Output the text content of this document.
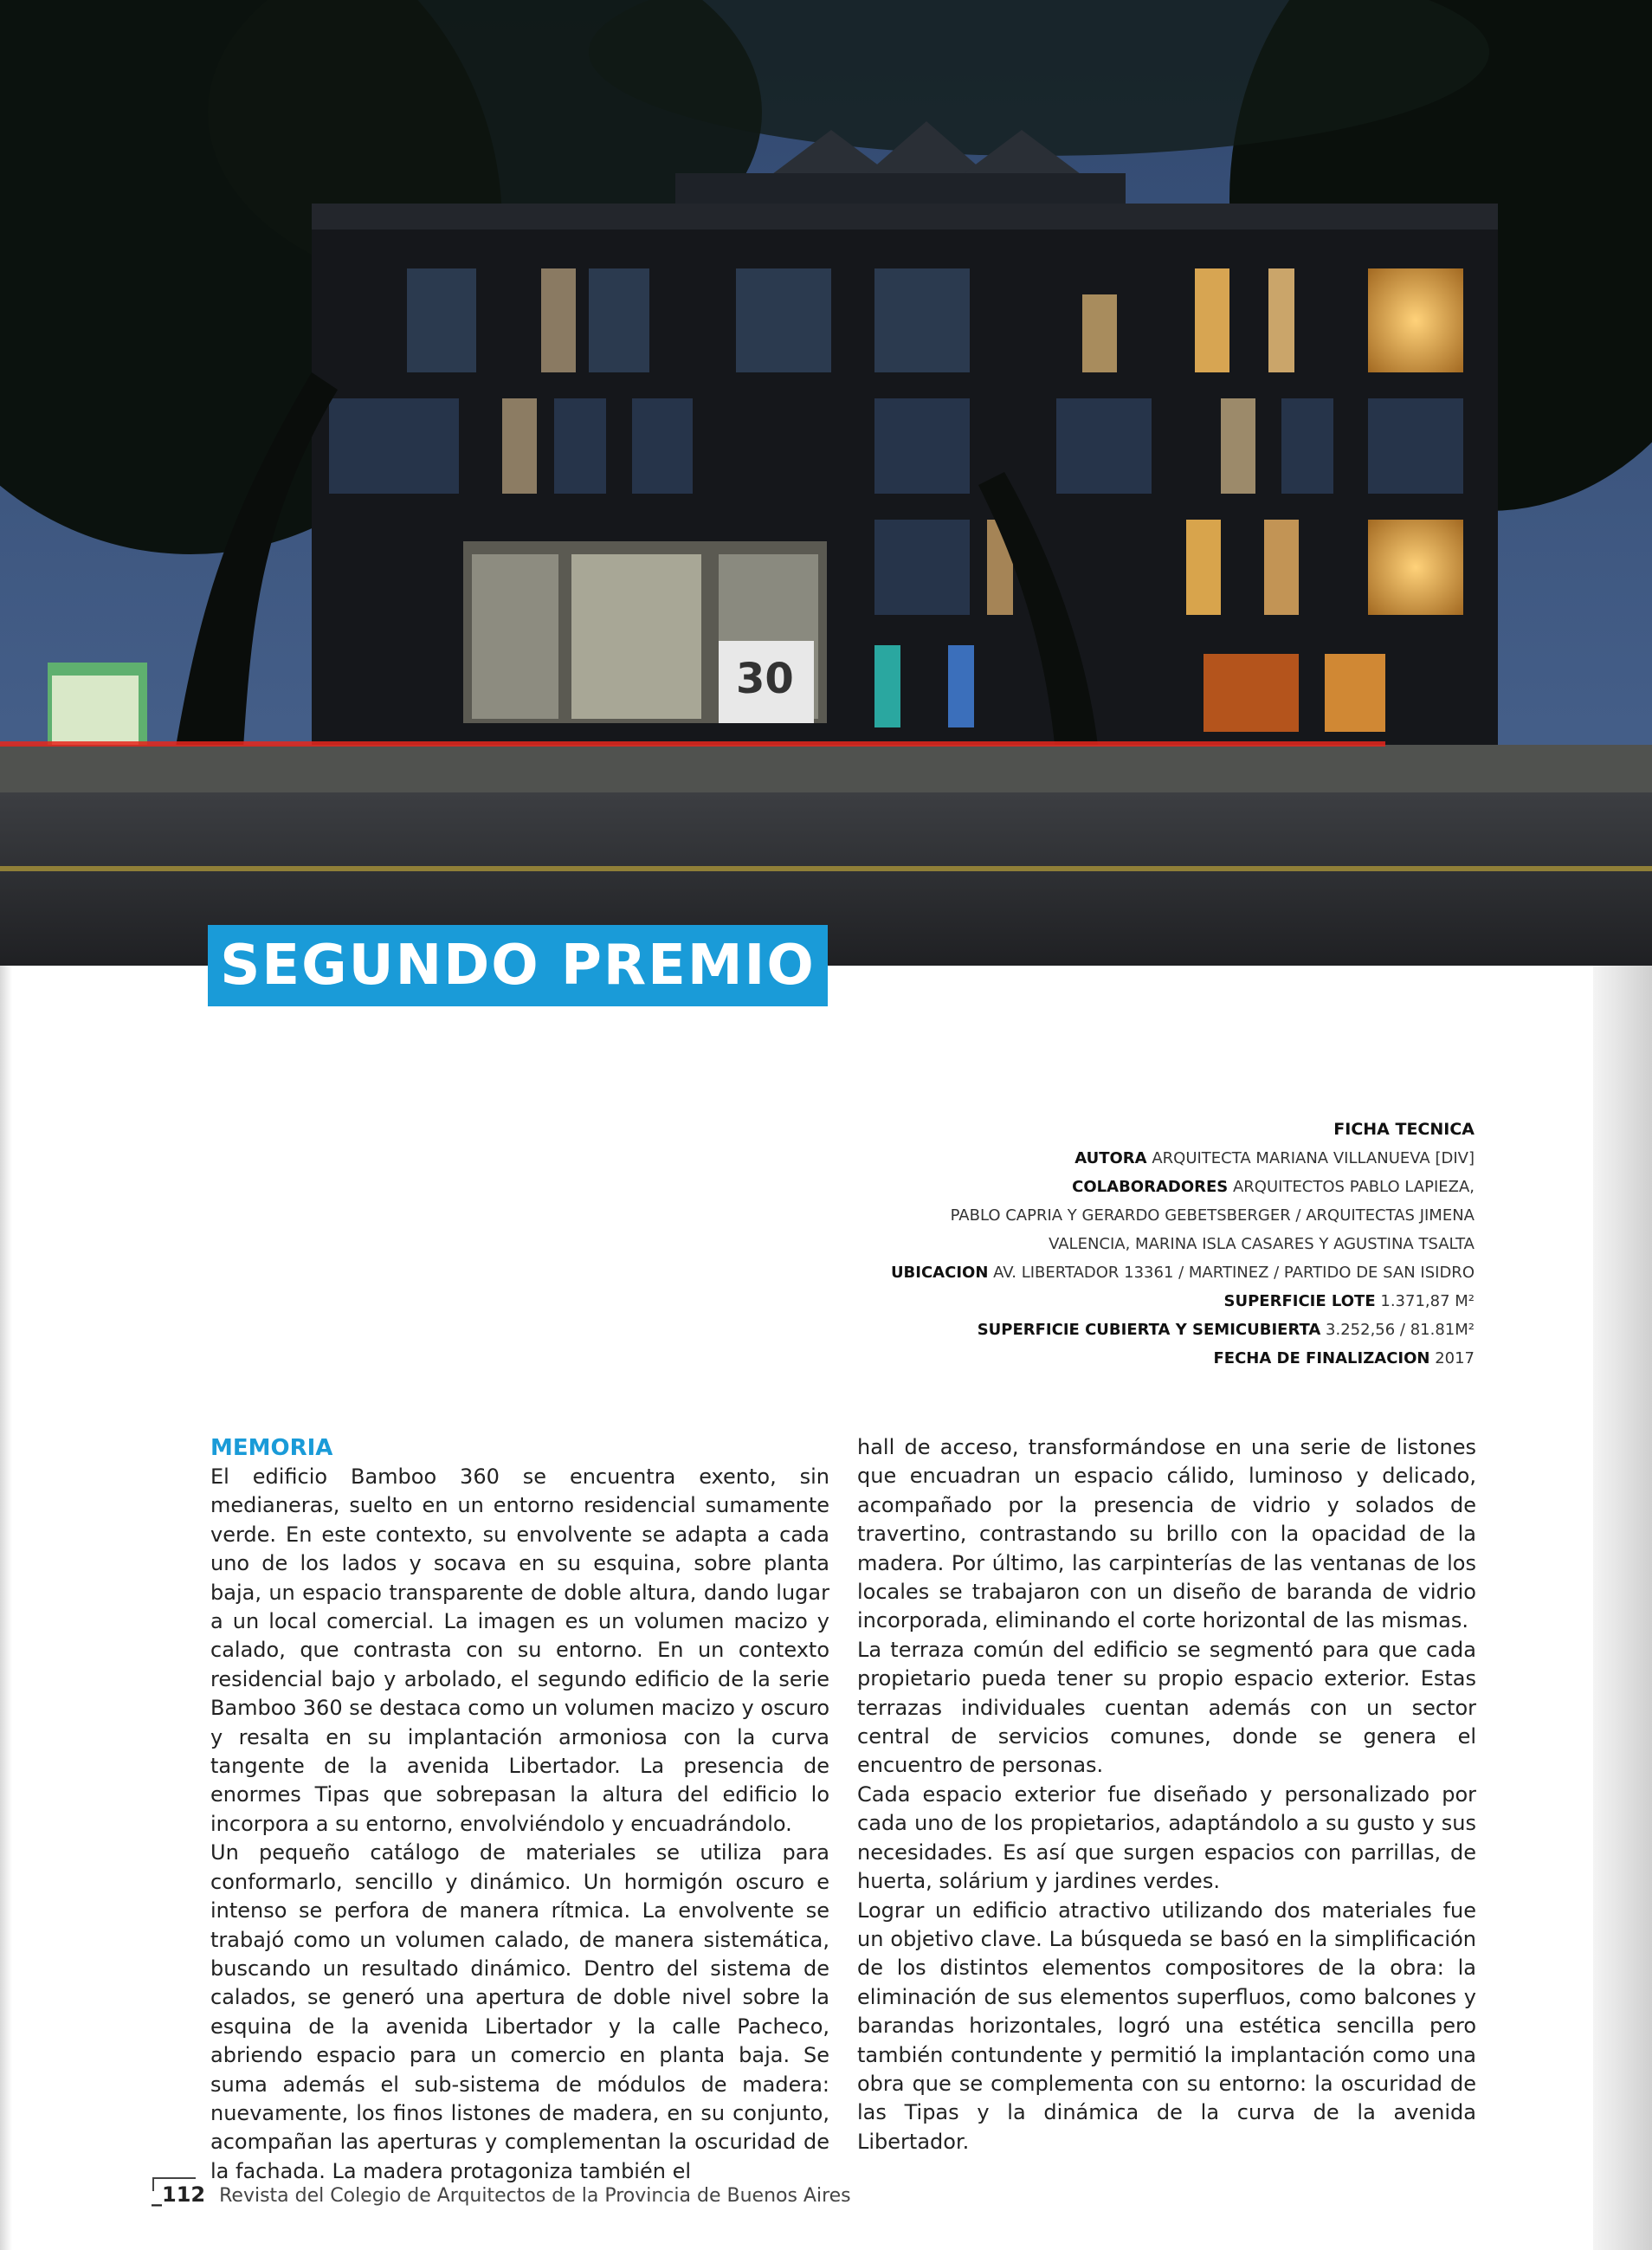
30
SEGUNDO PREMIO
FICHA TECNICA
AUTORA ARQUITECTA MARIANA VILLANUEVA [DIV]
COLABORADORES ARQUITECTOS PABLO LAPIEZA,
PABLO CAPRIA Y GERARDO GEBETSBERGER / ARQUITECTAS JIMENA
VALENCIA, MARINA ISLA CASARES Y AGUSTINA TSALTA
UBICACION AV. LIBERTADOR 13361 / MARTINEZ / PARTIDO DE SAN ISIDRO
SUPERFICIE LOTE 1.371,87 M²
SUPERFICIE CUBIERTA Y SEMICUBIERTA 3.252,56 / 81.81M²
FECHA DE FINALIZACION 2017
MEMORIA

El edificio Bamboo 360 se encuentra exento, sin medianeras, suelto en un entorno residencial sumamente verde. En este contexto, su envolvente se adapta a cada uno de los lados y socava en su esquina, sobre planta baja, un espacio transparente de doble altura, dando lugar a un local comercial. La imagen es un volumen macizo y calado, que contrasta con su entorno. En un contexto residencial bajo y arbolado, el segundo edificio de la serie Bamboo 360 se destaca como un volumen macizo y oscuro y resalta en su implantación armoniosa con la curva tangente de la avenida Libertador. La presencia de enormes Tipas que sobrepasan la altura del edificio lo incorpora a su entorno, envolviéndolo y encuadrándolo.

Un pequeño catálogo de materiales se utiliza para conformarlo, sencillo y dinámico. Un hormigón oscuro e intenso se perfora de manera rítmica. La envolvente se trabajó como un volumen calado, de manera sistemática, buscando un resultado dinámico. Dentro del sistema de calados, se generó una apertura de doble nivel sobre la esquina de la avenida Libertador y la calle Pacheco, abriendo espacio para un comercio en planta baja. Se suma además el sub-sistema de módulos de madera: nuevamente, los finos listones de madera, en su conjunto, acompañan las aperturas y complementan la oscuridad de la fachada. La madera protagoniza también el

hall de acceso, transformándose en una serie de listones que encuadran un espacio cálido, luminoso y delicado, acompañado por la presencia de vidrio y solados de travertino, contrastando su brillo con la opacidad de la madera. Por último, las carpinterías de las ventanas de los locales se trabajaron con un diseño de baranda de vidrio incorporada, eliminando el corte horizontal de las mismas.

La terraza común del edificio se segmentó para que cada propietario pueda tener su propio espacio exterior. Estas terrazas individuales cuentan además con un sector central de servicios comunes, donde se genera el encuentro de personas.

Cada espacio exterior fue diseñado y personalizado por cada uno de los propietarios, adaptándolo a su gusto y sus necesidades. Es así que surgen espacios con parrillas, de huerta, solárium y jardines verdes.

Lograr un edificio atractivo utilizando dos materiales fue un objetivo clave. La búsqueda se basó en la simplificación de los distintos elementos compositores de la obra: la eliminación de sus elementos superfluos, como balcones y barandas horizontales, logró una estética sencilla pero también contundente y permitió la implantación como una obra que se complementa con su entorno: la oscuridad de las Tipas y la dinámica de la curva de la avenida Libertador.

_112 Revista del Colegio de Arquitectos de la Provincia de Buenos Aires
